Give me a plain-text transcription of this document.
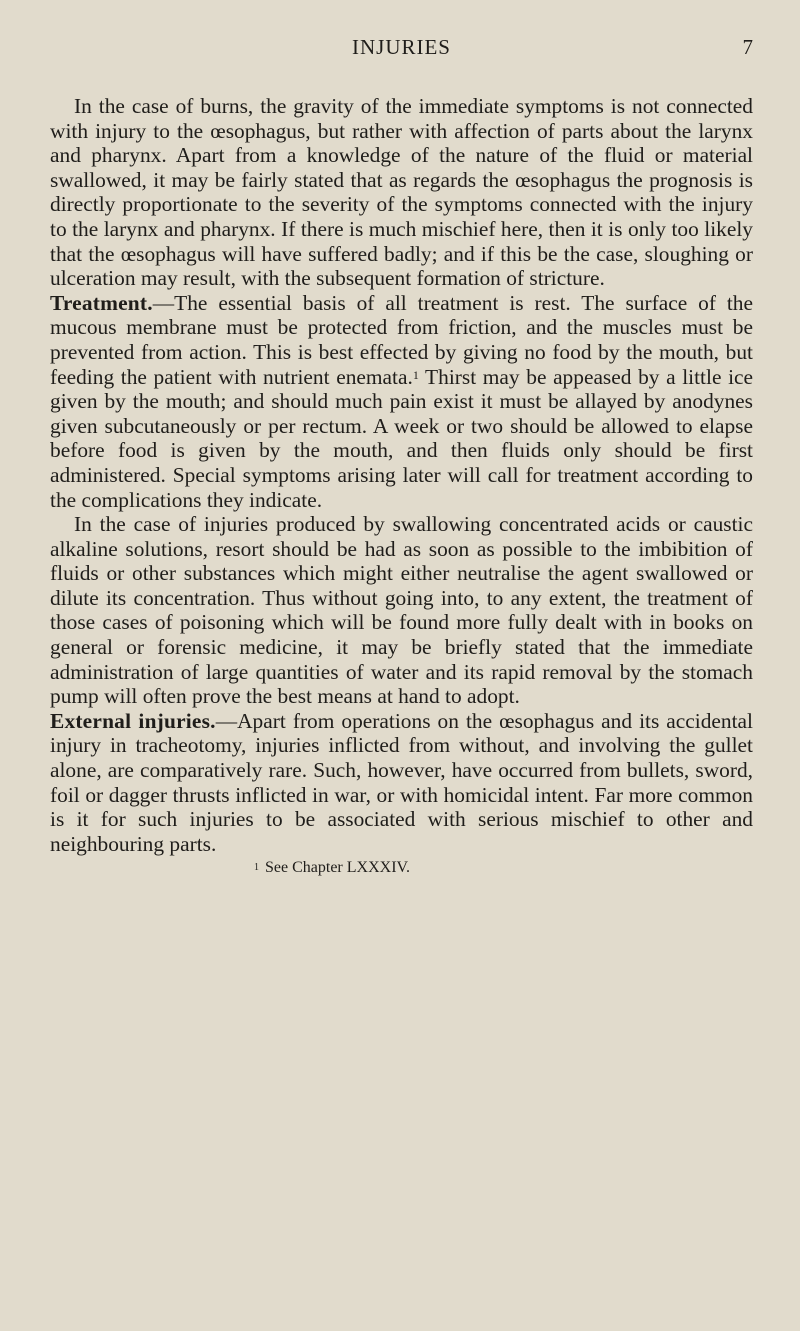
INJURIES	7

In the case of burns, the gravity of the immediate symptoms is not connected with injury to the œsophagus, but rather with affection of parts about the larynx and pharynx. Apart from a knowledge of the nature of the fluid or material swallowed, it may be fairly stated that as regards the œsophagus the prognosis is directly proportionate to the severity of the symptoms connected with the injury to the larynx and pharynx. If there is much mischief here, then it is only too likely that the œsophagus will have suffered badly; and if this be the case, sloughing or ulceration may result, with the subsequent formation of stricture.

Treatment.—The essential basis of all treatment is rest. The surface of the mucous membrane must be protected from friction, and the muscles must be prevented from action. This is best effected by giving no food by the mouth, but feeding the patient with nutrient enemata.$^1$ Thirst may be appeased by a little ice given by the mouth; and should much pain exist it must be allayed by anodynes given subcutaneously or per rectum. A week or two should be allowed to elapse before food is given by the mouth, and then fluids only should be first administered. Special symptoms arising later will call for treatment according to the complications they indicate.

In the case of injuries produced by swallowing concentrated acids or caustic alkaline solutions, resort should be had as soon as possible to the imbibition of fluids or other substances which might either neutralise the agent swallowed or dilute its concentration. Thus without going into, to any extent, the treatment of those cases of poisoning which will be found more fully dealt with in books on general or forensic medicine, it may be briefly stated that the immediate administration of large quantities of water and its rapid removal by the stomach pump will often prove the best means at hand to adopt.

External injuries.—Apart from operations on the œsophagus and its accidental injury in tracheotomy, injuries inflicted from without, and involving the gullet alone, are comparatively rare. Such, however, have occurred from bullets, sword, foil or dagger thrusts inflicted in war, or with homicidal intent. Far more common is it for such injuries to be associated with serious mischief to other and neighbouring parts.

$^1$ See Chapter LXXXIV.
